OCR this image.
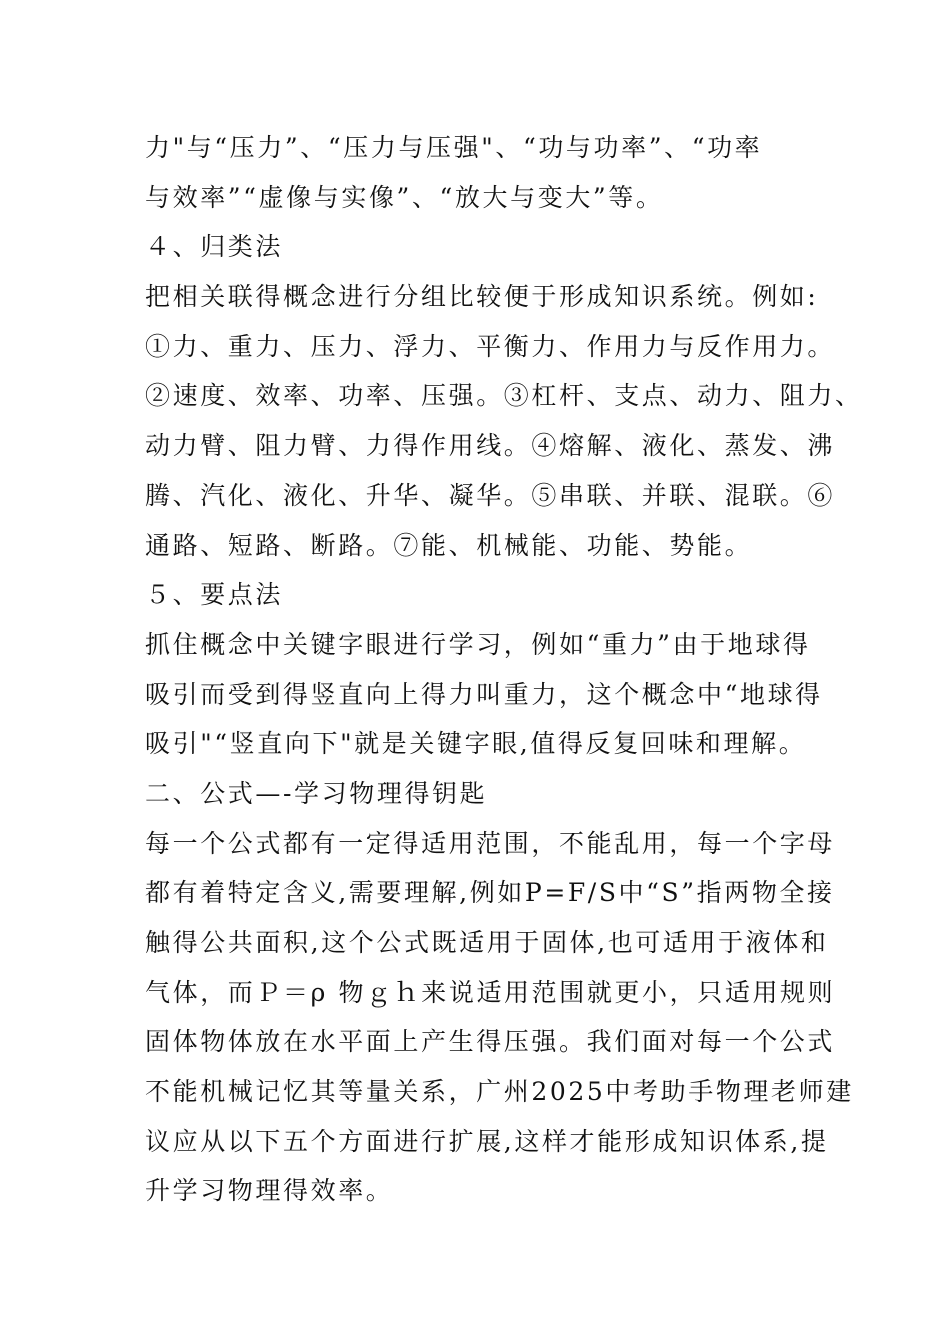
力"与“压力”、“压力与压强"、“功与功率”、“功率
与效率”“虚像与实像”、“放大与变大”等。
４、归类法
把相关联得概念进行分组比较便于形成知识系统。例如:
①力、重力、压力、浮力、平衡力、作用力与反作用力。
②速度、效率、功率、压强。③杠杆、支点、动力、阻力、
动力臂、阻力臂、力得作用线。④熔解、液化、蒸发、沸
腾、汽化、液化、升华、凝华。⑤串联、并联、混联。⑥
通路、短路、断路。⑦能、机械能、功能、势能。
５、要点法
抓住概念中关键字眼进行学习，例如“重力”由于地球得
吸引而受到得竖直向上得力叫重力，这个概念中“地球得
吸引"“竖直向下"就是关键字眼,值得反复回味和理解。
二、公式—-学习物理得钥匙
每一个公式都有一定得适用范围，不能乱用，每一个字母
都有着特定含义,需要理解,例如P=F/S中“S”指两物全接
触得公共面积,这个公式既适用于固体,也可适用于液体和
气体，而Ｐ＝ρ 物ｇｈ来说适用范围就更小，只适用规则
固体物体放在水平面上产生得压强。我们面对每一个公式
不能机械记忆其等量关系，广州2025中考助手物理老师建
议应从以下五个方面进行扩展,这样才能形成知识体系,提
升学习物理得效率。
